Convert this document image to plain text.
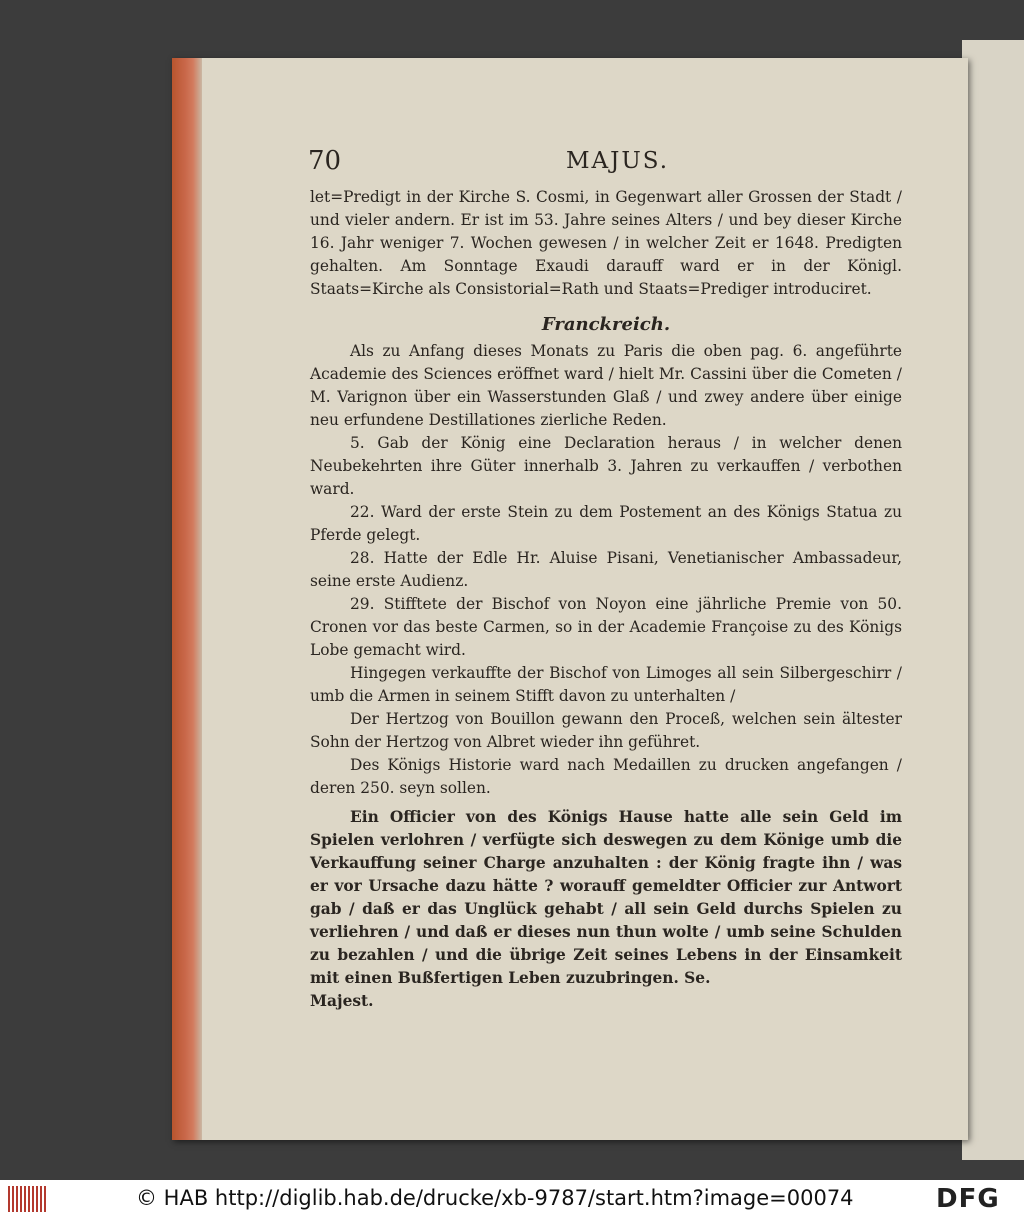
70	MAJUS.

let=Predigt in der Kirche S. Cosmi, in Gegenwart aller Grossen der Stadt / und vieler andern. Er ist im 53. Jahre seines Alters / und bey dieser Kirche 16. Jahr weniger 7. Wochen gewesen / in welcher Zeit er 1648. Predigten gehalten. Am Sonntage Exaudi darauff ward er in der Königl. Staats=Kirche als Consistorial=Rath und Staats=Prediger introduciret.

Franckreich.

Als zu Anfang dieses Monats zu Paris die oben pag. 6. angeführte Academie des Sciences eröffnet ward / hielt Mr. Cassini über die Cometen / M. Varignon über ein Wasserstunden Glaß / und zwey andere über einige neu erfundene Destillationes zierliche Reden.

5. Gab der König eine Declaration heraus / in welcher denen Neubekehrten ihre Güter innerhalb 3. Jahren zu verkauffen / verbothen ward.

22. Ward der erste Stein zu dem Postement an des Königs Statua zu Pferde gelegt.

28. Hatte der Edle Hr. Aluise Pisani, Venetianischer Ambassadeur, seine erste Audienz.

29. Stifftete der Bischof von Noyon eine jährliche Premie von 50. Cronen vor das beste Carmen, so in der Academie Françoise zu des Königs Lobe gemacht wird.

Hingegen verkauffte der Bischof von Limoges all sein Silbergeschirr / umb die Armen in seinem Stifft davon zu unterhalten /

Der Hertzog von Bouillon gewann den Proceß, welchen sein ältester Sohn der Hertzog von Albret wieder ihn geführet.

Des Königs Historie ward nach Medaillen zu drucken angefangen / deren 250. seyn sollen.

Ein Officier von des Königs Hause hatte alle sein Geld im Spielen verlohren / verfügte sich deswegen zu dem Könige umb die Verkauffung seiner Charge anzuhalten : der König fragte ihn / was er vor Ursache dazu hätte ? worauff gemeldter Officier zur Antwort gab / daß er das Unglück gehabt / all sein Geld durchs Spielen zu verliehren / und daß er dieses nun thun wolte / umb seine Schulden zu bezahlen / und die übrige Zeit seines Lebens in der Einsamkeit mit einen Bußfertigen Leben zuzubringen. Se.

Majest.

© HAB http://diglib.hab.de/drucke/xb-9787/start.htm?image=00074	DFG
